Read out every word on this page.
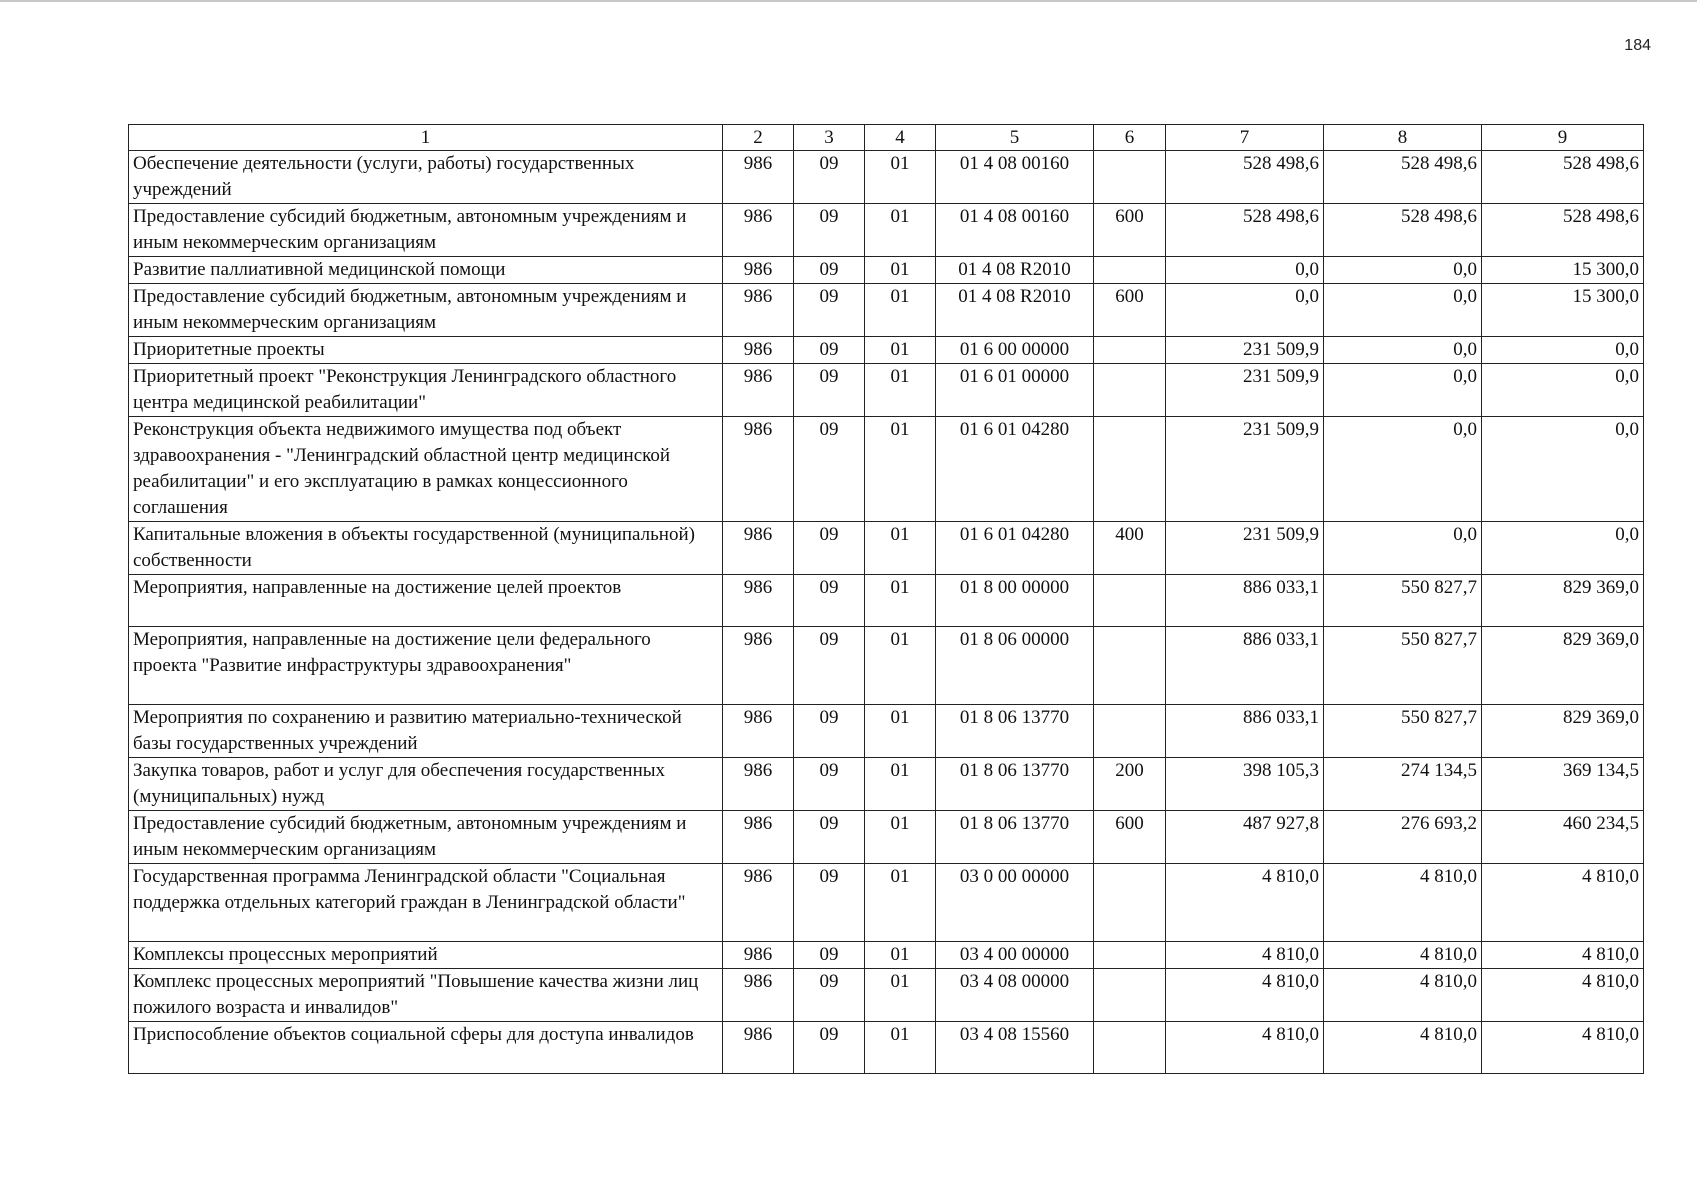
184
1	2	3	4	5	6	7	8	9
Обеспечение деятельности (услуги, работы) государственных учреждений	986	09	01	01 4 08 00160		528 498,6	528 498,6	528 498,6
Предоставление субсидий бюджетным, автономным учреждениям и иным некоммерческим организациям	986	09	01	01 4 08 00160	600	528 498,6	528 498,6	528 498,6
Развитие паллиативной медицинской помощи	986	09	01	01 4 08 R2010		0,0	0,0	15 300,0
Предоставление субсидий бюджетным, автономным учреждениям и иным некоммерческим организациям	986	09	01	01 4 08 R2010	600	0,0	0,0	15 300,0
Приоритетные проекты	986	09	01	01 6 00 00000		231 509,9	0,0	0,0
Приоритетный проект "Реконструкция Ленинградского областного центра медицинской реабилитации"	986	09	01	01 6 01 00000		231 509,9	0,0	0,0
Реконструкция объекта недвижимого имущества под объект здравоохранения - "Ленинградский областной центр медицинской реабилитации" и его эксплуатацию в рамках концессионного соглашения	986	09	01	01 6 01 04280		231 509,9	0,0	0,0
Капитальные вложения в объекты государственной (муниципальной) собственности	986	09	01	01 6 01 04280	400	231 509,9	0,0	0,0
Мероприятия, направленные на достижение целей проектов	986	09	01	01 8 00 00000		886 033,1	550 827,7	829 369,0
Мероприятия, направленные на достижение цели федерального проекта "Развитие инфраструктуры здравоохранения"	986	09	01	01 8 06 00000		886 033,1	550 827,7	829 369,0
Мероприятия по сохранению и развитию материально-технической базы государственных учреждений	986	09	01	01 8 06 13770		886 033,1	550 827,7	829 369,0
Закупка товаров, работ и услуг для обеспечения государственных (муниципальных) нужд	986	09	01	01 8 06 13770	200	398 105,3	274 134,5	369 134,5
Предоставление субсидий бюджетным, автономным учреждениям и иным некоммерческим организациям	986	09	01	01 8 06 13770	600	487 927,8	276 693,2	460 234,5
Государственная программа Ленинградской области "Социальная поддержка отдельных категорий граждан в Ленинградской области"	986	09	01	03 0 00 00000		4 810,0	4 810,0	4 810,0
Комплексы процессных мероприятий	986	09	01	03 4 00 00000		4 810,0	4 810,0	4 810,0
Комплекс процессных мероприятий "Повышение качества жизни лиц пожилого возраста и инвалидов"	986	09	01	03 4 08 00000		4 810,0	4 810,0	4 810,0
Приспособление объектов социальной сферы для доступа инвалидов	986	09	01	03 4 08 15560		4 810,0	4 810,0	4 810,0
